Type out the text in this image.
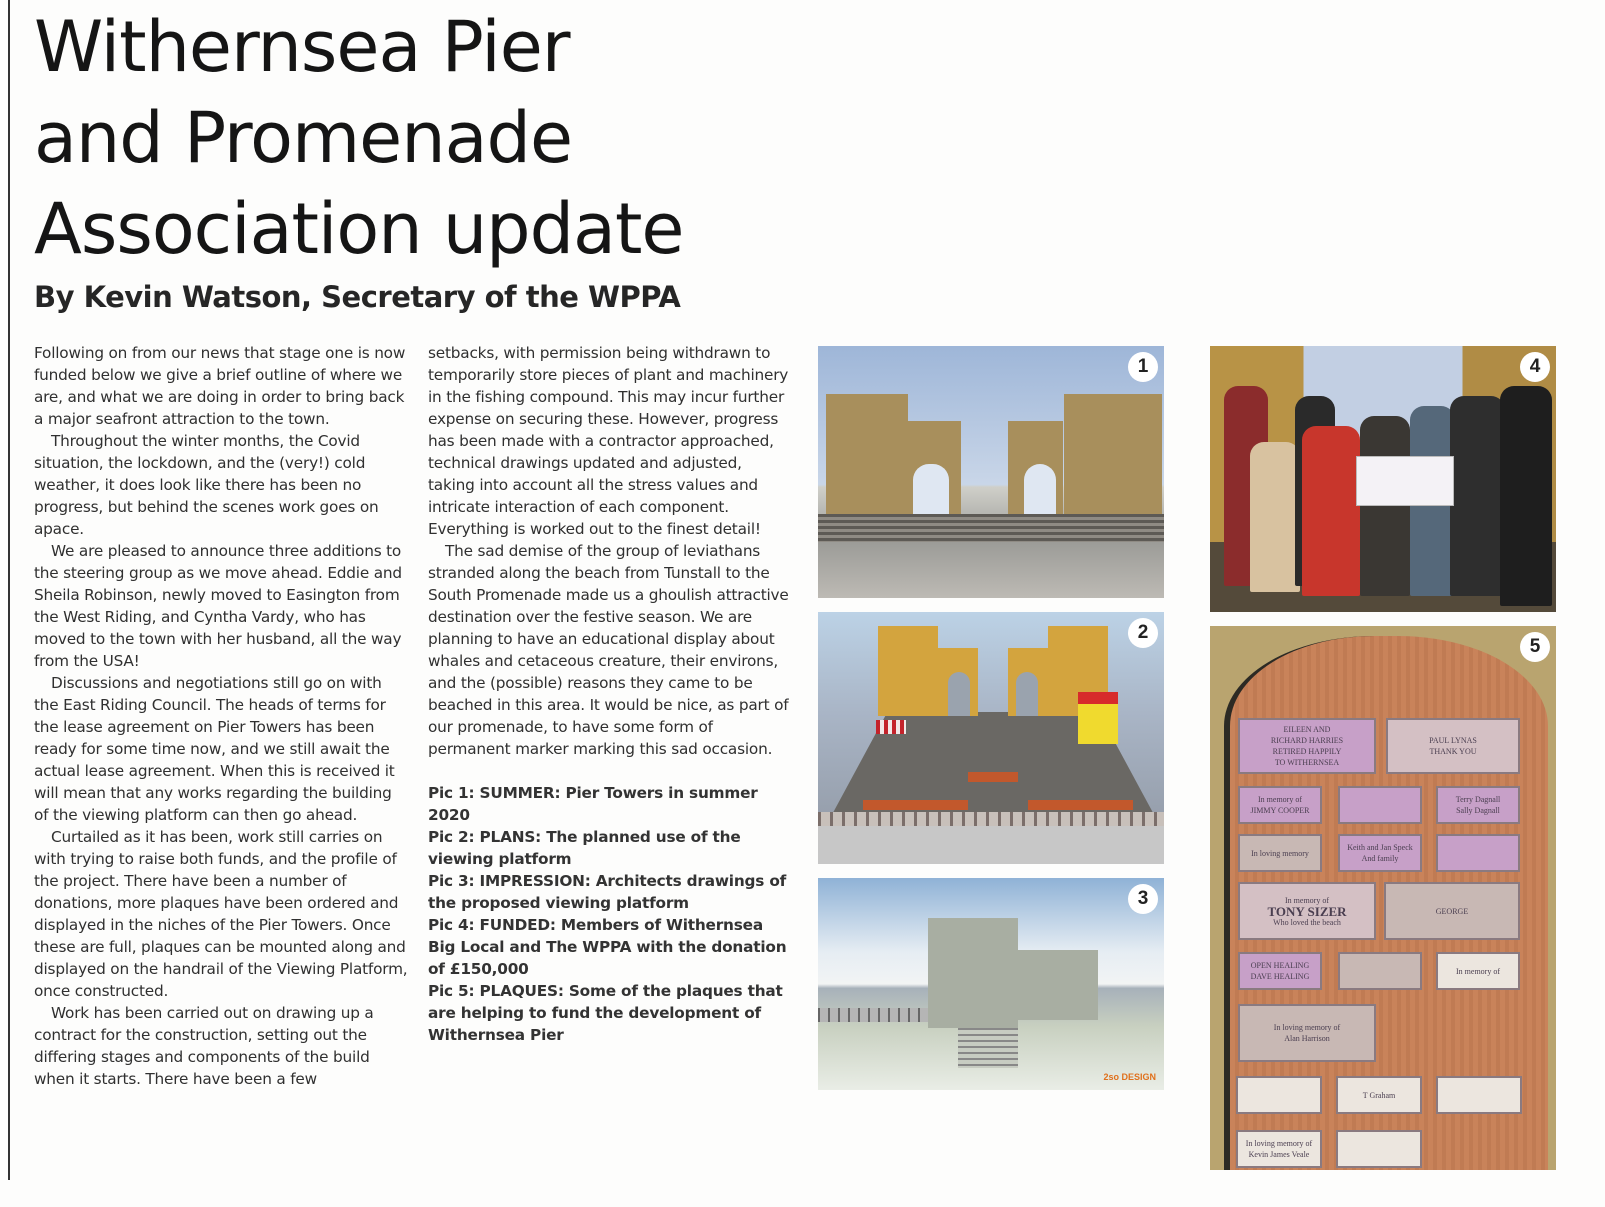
Withernsea Pier
and Promenade
Association update
By Kevin Watson, Secretary of the WPPA

Following on from our news that stage one is now funded below we give a brief outline of where we are, and what we are doing in order to bring back a major seafront attraction to the town.

Throughout the winter months, the Covid situation, the lockdown, and the (very!) cold weather, it does look like there has been no progress, but behind the scenes work goes on apace.

We are pleased to announce three additions to the steering group as we move ahead. Eddie and Sheila Robinson, newly moved to Easington from the West Riding, and Cyntha Vardy, who has moved to the town with her husband, all the way from the USA!

Discussions and negotiations still go on with the East Riding Council. The heads of terms for the lease agreement on Pier Towers has been ready for some time now, and we still await the actual lease agreement. When this is received it will mean that any works regarding the building of the viewing platform can then go ahead.

Curtailed as it has been, work still carries on with trying to raise both funds, and the profile of the project. There have been a number of donations, more plaques have been ordered and displayed in the niches of the Pier Towers. Once these are full, plaques can be mounted along and displayed on the handrail of the Viewing Platform, once constructed.

Work has been carried out on drawing up a contract for the construction, setting out the differing stages and components of the build when it starts. There have been a few

setbacks, with permission being withdrawn to temporarily store pieces of plant and machinery in the fishing compound. This may incur further expense on securing these. However, progress has been made with a contractor approached, technical drawings updated and adjusted, taking into account all the stress values and intricate interaction of each component. Everything is worked out to the finest detail!

The sad demise of the group of leviathans stranded along the beach from Tunstall to the South Promenade made us a ghoulish attractive destination over the festive season. We are planning to have an educational display about whales and cetaceous creature, their environs, and the (possible) reasons they came to be beached in this area. It would be nice, as part of our promenade, to have some form of permanent marker marking this sad occasion.

Pic 1: SUMMER: Pier Towers in summer 2020

Pic 2: PLANS: The planned use of the viewing platform

Pic 3: IMPRESSION: Architects drawings of the proposed viewing platform

Pic 4: FUNDED: Members of Withernsea Big Local and The WPPA with the donation of £150,000

Pic 5: PLAQUES: Some of the plaques that are helping to fund the development of Withernsea Pier

1
2
2so DESIGN
3
4
EILEEN AND
RICHARD HARRIES
RETIRED HAPPILY
TO WITHERNSEA
PAUL LYNAS
THANK YOU
In memory of
JIMMY COOPER
Terry Dagnall
Sally Dagnall
In loving memory
Keith and Jan Speck
And family
In memory of
TONY SIZER
Who loved the beach
GEORGE
OPEN HEALING
DAVE HEALING
In memory of
In loving memory of
Alan Harrison
T Graham
In loving memory of
Kevin James Veale
5
